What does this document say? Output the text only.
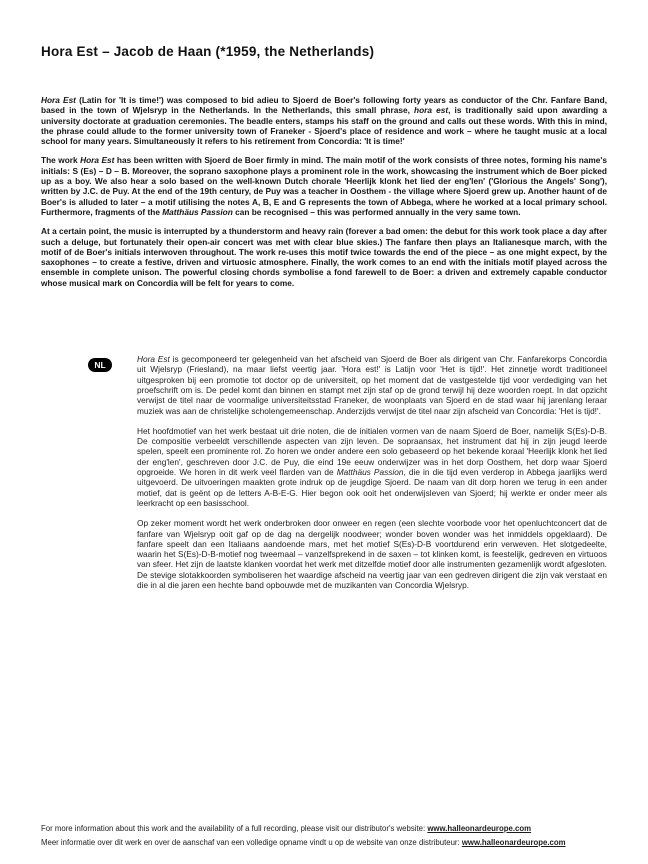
Hora Est – Jacob de Haan (*1959, the Netherlands)

Hora Est (Latin for 'It is time!') was composed to bid adieu to Sjoerd de Boer's following forty years as conductor of the Chr. Fanfare Band, based in the town of Wjelsryp in the Netherlands. In the Netherlands, this small phrase, hora est, is traditionally said upon awarding a university doctorate at graduation ceremonies. The beadle enters, stamps his staff on the ground and calls out these words. With this in mind, the phrase could allude to the former university town of Franeker - Sjoerd's place of residence and work – where he taught music at a local school for many years. Simultaneously it refers to his retirement from Concordia: 'It is time!'

The work Hora Est has been written with Sjoerd de Boer firmly in mind. The main motif of the work consists of three notes, forming his name's initials: S (Es) – D – B. Moreover, the soprano saxophone plays a prominent role in the work, showcasing the instrument which de Boer picked up as a boy. We also hear a solo based on the well-known Dutch chorale 'Heerlijk klonk het lied der eng'len' ('Glorious the Angels' Song'), written by J.C. de Puy. At the end of the 19th century, de Puy was a teacher in Oosthem - the village where Sjoerd grew up. Another haunt of de Boer's is alluded to later – a motif utilising the notes A, B, E and G represents the town of Abbega, where he worked at a local primary school. Furthermore, fragments of the Matthäus Passion can be recognised – this was performed annually in the very same town.

At a certain point, the music is interrupted by a thunderstorm and heavy rain (forever a bad omen: the debut for this work took place a day after such a deluge, but fortunately their open-air concert was met with clear blue skies.) The fanfare then plays an Italianesque march, with the motif of de Boer's initials interwoven throughout. The work re-uses this motif twice towards the end of the piece – as one might expect, by the saxophones – to create a festive, driven and virtuosic atmosphere. Finally, the work comes to an end with the initials motif played across the ensemble in complete unison. The powerful closing chords symbolise a fond farewell to de Boer: a driven and extremely capable conductor whose musical mark on Concordia will be felt for years to come.

NL

Hora Est is gecomponeerd ter gelegenheid van het afscheid van Sjoerd de Boer als dirigent van Chr. Fanfarekorps Concordia uit Wjelsryp (Friesland), na maar liefst veertig jaar. 'Hora est!' is Latijn voor 'Het is tijd!'. Het zinnetje wordt traditioneel uitgesproken bij een promotie tot doctor op de universiteit, op het moment dat de vastgestelde tijd voor verdediging van het proefschrift om is. De pedel komt dan binnen en stampt met zijn staf op de grond terwijl hij deze woorden roept. In dat opzicht verwijst de titel naar de voormalige universiteitsstad Franeker, de woonplaats van Sjoerd en de stad waar hij jarenlang leraar muziek was aan de christelijke scholengemeenschap. Anderzijds verwijst de titel naar zijn afscheid van Concordia: 'Het is tijd!'.

Het hoofdmotief van het werk bestaat uit drie noten, die de initialen vormen van de naam Sjoerd de Boer, namelijk S(Es)-D-B. De compositie verbeeldt verschillende aspecten van zijn leven. De sopraansax, het instrument dat hij in zijn jeugd leerde spelen, speelt een prominente rol. Zo horen we onder andere een solo gebaseerd op het bekende koraal 'Heerlijk klonk het lied der eng'len', geschreven door J.C. de Puy, die eind 19e eeuw onderwijzer was in het dorp Oosthem, het dorp waar Sjoerd opgroeide. We horen in dit werk veel flarden van de Matthäus Passion, die in die tijd even verderop in Abbega jaarlijks werd uitgevoerd. De uitvoeringen maakten grote indruk op de jeugdige Sjoerd. De naam van dit dorp horen we terug in een ander motief, dat is geënt op de letters A-B-E-G. Hier begon ook ooit het onderwijsleven van Sjoerd; hij werkte er onder meer als leerkracht op een basisschool.

Op zeker moment wordt het werk onderbroken door onweer en regen (een slechte voorbode voor het openluchtconcert dat de fanfare van Wjelsryp ooit gaf op de dag na dergelijk noodweer; wonder boven wonder was het inmiddels opgeklaard). De fanfare speelt dan een Italiaans aandoende mars, met het motief S(Es)-D-B voortdurend erin verweven. Het slotgedeelte, waarin het S(Es)-D-B-motief nog tweemaal – vanzelfsprekend in de saxen – tot klinken komt, is feestelijk, gedreven en virtuoos van sfeer. Het zijn de laatste klanken voordat het werk met ditzelfde motief door alle instrumenten gezamenlijk wordt afgesloten. De stevige slotakkoorden symboliseren het waardige afscheid na veertig jaar van een gedreven dirigent die zijn vak verstaat en die in al die jaren een hechte band opbouwde met de muzikanten van Concordia Wjelsryp.

For more information about this work and the availability of a full recording, please visit our distributor's website: www.halleonardeurope.com
Meer informatie over dit werk en over de aanschaf van een volledige opname vindt u op de website van onze distributeur: www.halleonardeurope.com
